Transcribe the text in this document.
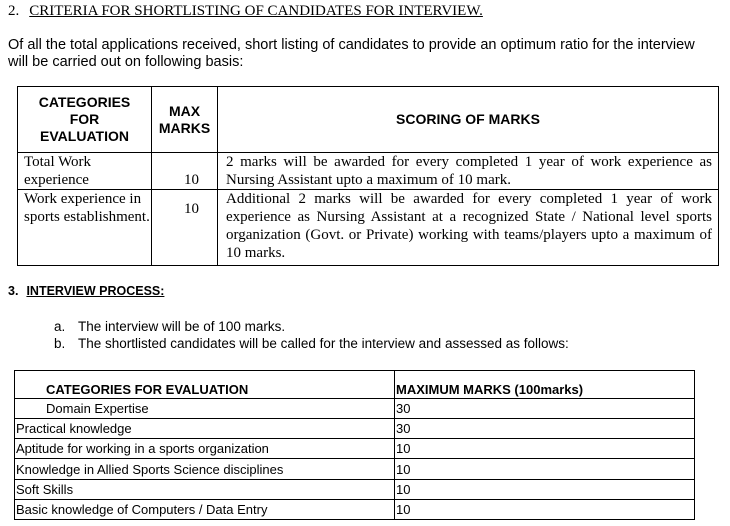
2. CRITERIA FOR SHORTLISTING OF CANDIDATES FOR INTERVIEW.
Of all the total applications received, short listing of candidates to provide an optimum ratio for the interview will be carried out on following basis:
CATEGORIES FOR EVALUATION	MAX MARKS	SCORING OF MARKS
Total Work experience	10	2 marks will be awarded for every completed 1 year of work experience as Nursing Assistant upto a maximum of 10 mark.
Work experience in sports establishment.	10	Additional 2 marks will be awarded for every completed 1 year of work experience as Nursing Assistant at a recognized State / National level sports organization (Govt. or Private) working with teams/players upto a maximum of 10 marks.
3. INTERVIEW PROCESS:
a. The interview will be of 100 marks.
b. The shortlisted candidates will be called for the interview and assessed as follows:
CATEGORIES FOR EVALUATION	MAXIMUM MARKS (100marks)
Domain Expertise	30
Practical knowledge	30
Aptitude for working in a sports organization	10
Knowledge in Allied Sports Science disciplines	10
Soft Skills	10
Basic knowledge of Computers / Data Entry	10
